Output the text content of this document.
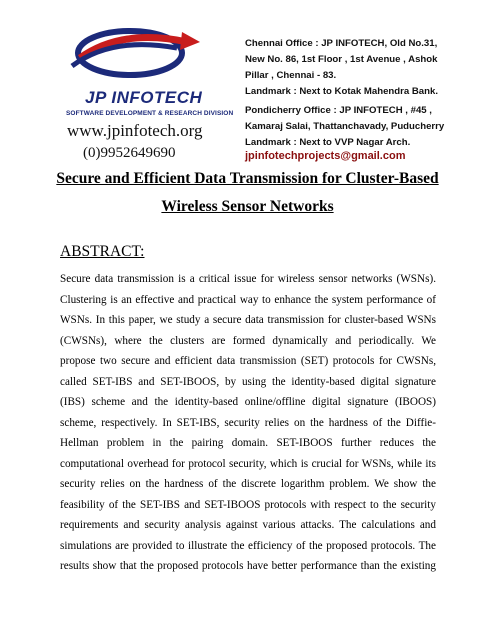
JP INFOTECH
SOFTWARE DEVELOPMENT & RESEARCH DIVISION
www.jpinfotech.org
(0)9952649690
Chennai Office : JP INFOTECH, Old No.31,
New No. 86, 1st Floor , 1st Avenue , Ashok
Pillar , Chennai - 83.
Landmark : Next to Kotak Mahendra Bank.
Pondicherry Office : JP INFOTECH , #45 ,
Kamaraj Salai, Thattanchavady, Puducherry
Landmark : Next to VVP Nagar Arch.
jpinfotechprojects@gmail.com
Secure and Efficient Data Transmission for Cluster-Based
Wireless Sensor Networks
ABSTRACT:
Secure data transmission is a critical issue for wireless sensor networks (WSNs).
Clustering is an effective and practical way to enhance the system performance of
WSNs. In this paper, we study a secure data transmission for cluster-based WSNs
(CWSNs), where the clusters are formed dynamically and periodically. We
propose two secure and efficient data transmission (SET) protocols for CWSNs,
called SET-IBS and SET-IBOOS, by using the identity-based digital signature
(IBS) scheme and the identity-based online/offline digital signature (IBOOS)
scheme, respectively. In SET-IBS, security relies on the hardness of the Diffie-
Hellman problem in the pairing domain. SET-IBOOS further reduces the
computational overhead for protocol security, which is crucial for WSNs, while its
security relies on the hardness of the discrete logarithm problem. We show the
feasibility of the SET-IBS and SET-IBOOS protocols with respect to the security
requirements and security analysis against various attacks. The calculations and
simulations are provided to illustrate the efficiency of the proposed protocols. The
results show that the proposed protocols have better performance than the existing
